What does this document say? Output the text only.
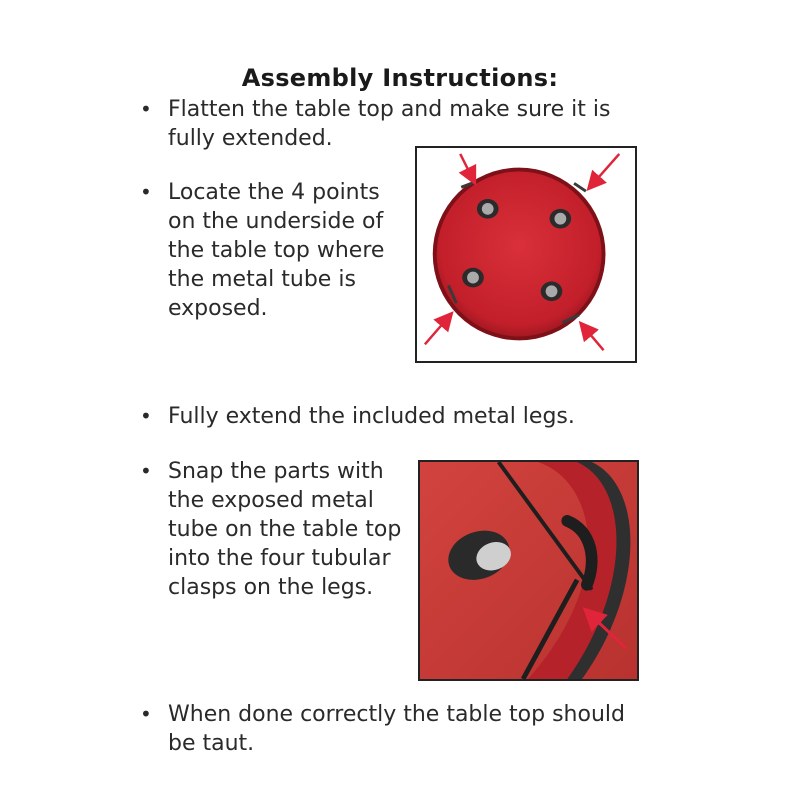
Assembly Instructions:
• Flatten the table top and make sure it is fully extended.
• Locate the 4 points on the underside of the table top where the metal tube is exposed.
• Fully extend the included metal legs.
• Snap the parts with the exposed metal tube on the table top into the four tubular clasps on the legs.
• When done correctly the table top should be taut.
